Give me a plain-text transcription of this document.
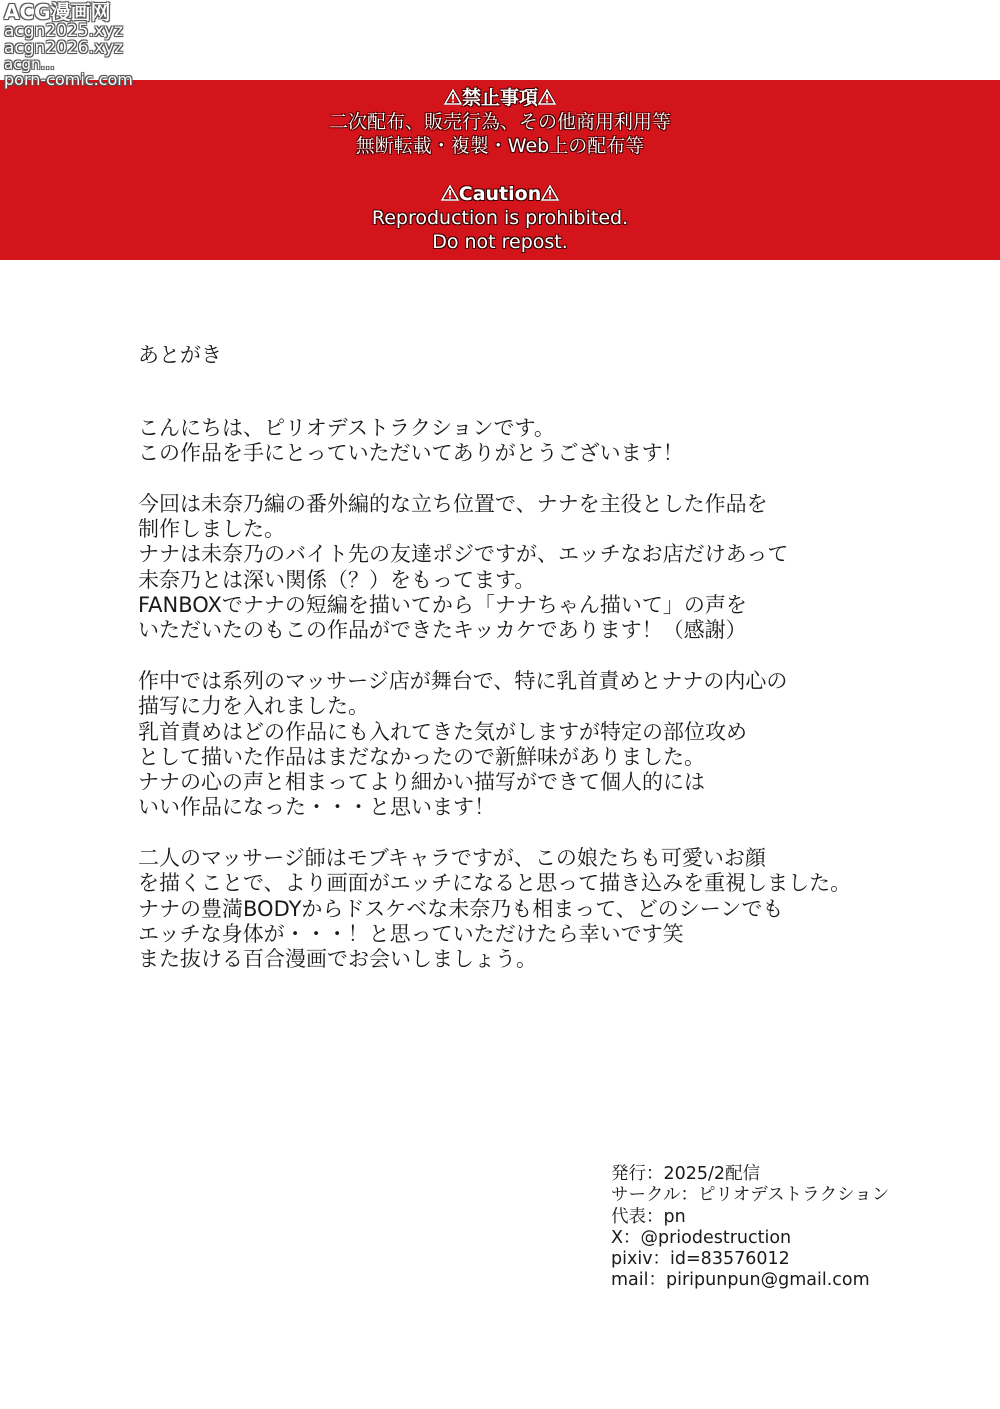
ACG漫画网
acgn2025.xyz
acgn2026.xyz
acgn...
porn-comic.com
禁止事項
二次配布、販売行為、その他商用利用等
無断転載・複製・Web上の配布等
Caution
Reproduction is prohibited.
Do not repost.
あとがき
こんにちは、ピリオデストラクションです。
この作品を手にとっていただいてありがとうございます！
今回は未奈乃編の番外編的な立ち位置で、ナナを主役とした作品を
制作しました。
ナナは未奈乃のバイト先の友達ポジですが、エッチなお店だけあって
未奈乃とは深い関係（？）をもってます。
FANBOXでナナの短編を描いてから「ナナちゃん描いて」の声を
いただいたのもこの作品ができたキッカケであります！（感謝）
作中では系列のマッサージ店が舞台で、特に乳首責めとナナの内心の
描写に力を入れました。
乳首責めはどの作品にも入れてきた気がしますが特定の部位攻め
として描いた作品はまだなかったので新鮮味がありました。
ナナの心の声と相まってより細かい描写ができて個人的には
いい作品になった・・・と思います！
二人のマッサージ師はモブキャラですが、この娘たちも可愛いお顔
を描くことで、より画面がエッチになると思って描き込みを重視しました。
ナナの豊満BODYからドスケベな未奈乃も相まって、どのシーンでも
エッチな身体が・・・！と思っていただけたら幸いです笑
また抜ける百合漫画でお会いしましょう。
発行：2025/2配信
サークル：ピリオデストラクション
代表：pn
X：@priodestruction
pixiv：id=83576012
mail：piripunpun@gmail.com
